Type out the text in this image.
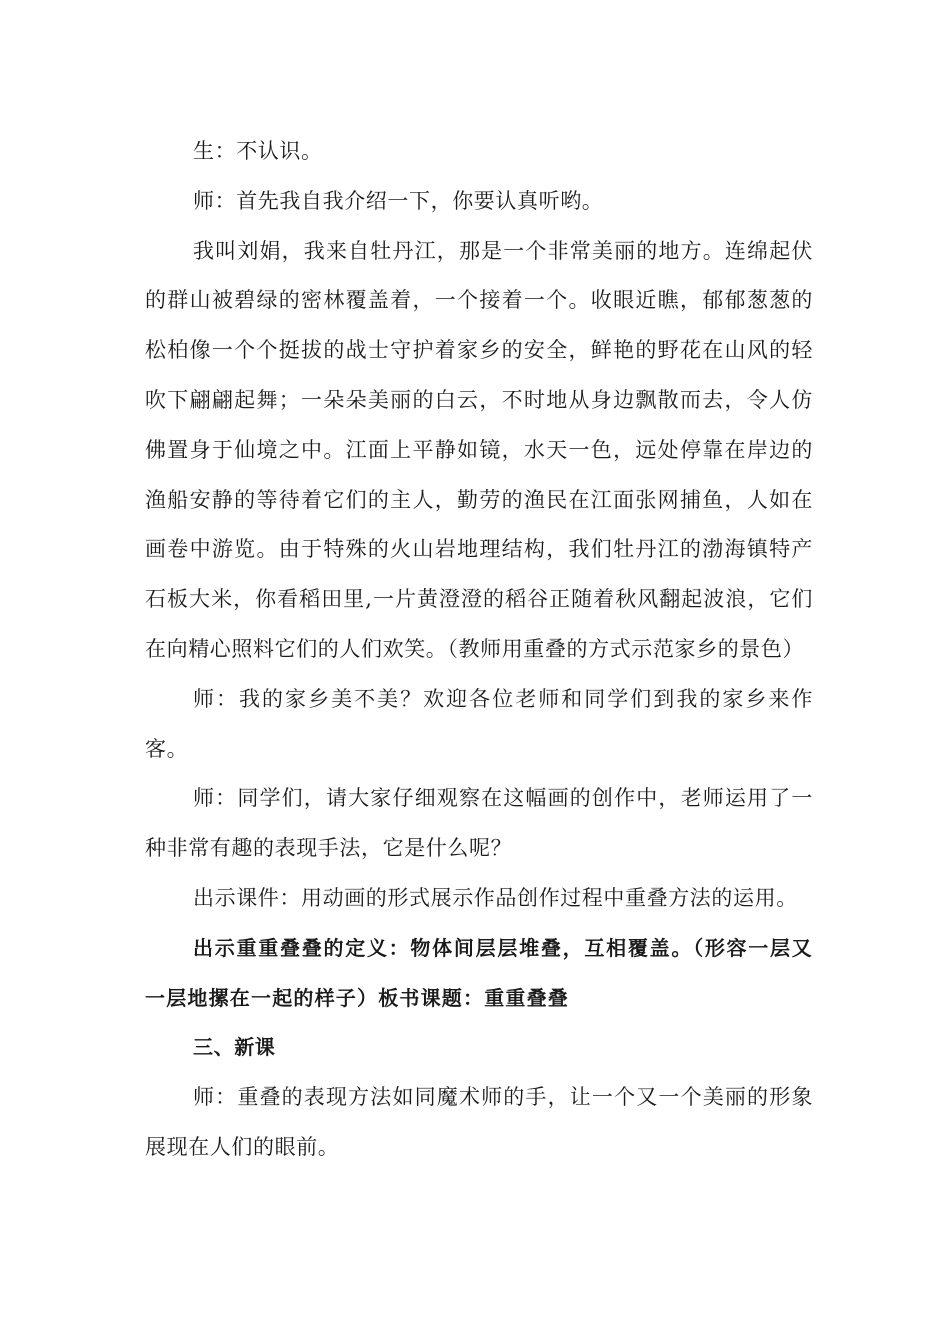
生：不认识。

师：首先我自我介绍一下，你要认真听哟。

我叫刘娟，我来自牡丹江，那是一个非常美丽的地方。连绵起伏的群山被碧绿的密林覆盖着，一个接着一个。收眼近瞧，郁郁葱葱的松柏像一个个挺拔的战士守护着家乡的安全，鲜艳的野花在山风的轻吹下翩翩起舞；一朵朵美丽的白云，不时地从身边飘散而去，令人仿佛置身于仙境之中。江面上平静如镜，水天一色，远处停靠在岸边的渔船安静的等待着它们的主人，勤劳的渔民在江面张网捕鱼，人如在画卷中游览。由于特殊的火山岩地理结构，我们牡丹江的渤海镇特产石板大米，你看稻田里,一片黄澄澄的稻谷正随着秋风翻起波浪，它们在向精心照料它们的人们欢笑。（教师用重叠的方式示范家乡的景色）

师：我的家乡美不美？欢迎各位老师和同学们到我的家乡来作客。

师：同学们，请大家仔细观察在这幅画的创作中，老师运用了一种非常有趣的表现手法，它是什么呢？

出示课件：用动画的形式展示作品创作过程中重叠方法的运用。

出示重重叠叠的定义：物体间层层堆叠，互相覆盖。（形容一层又一层地摞在一起的样子）板书课题：重重叠叠

三、新课

师：重叠的表现方法如同魔术师的手，让一个又一个美丽的形象展现在人们的眼前。
